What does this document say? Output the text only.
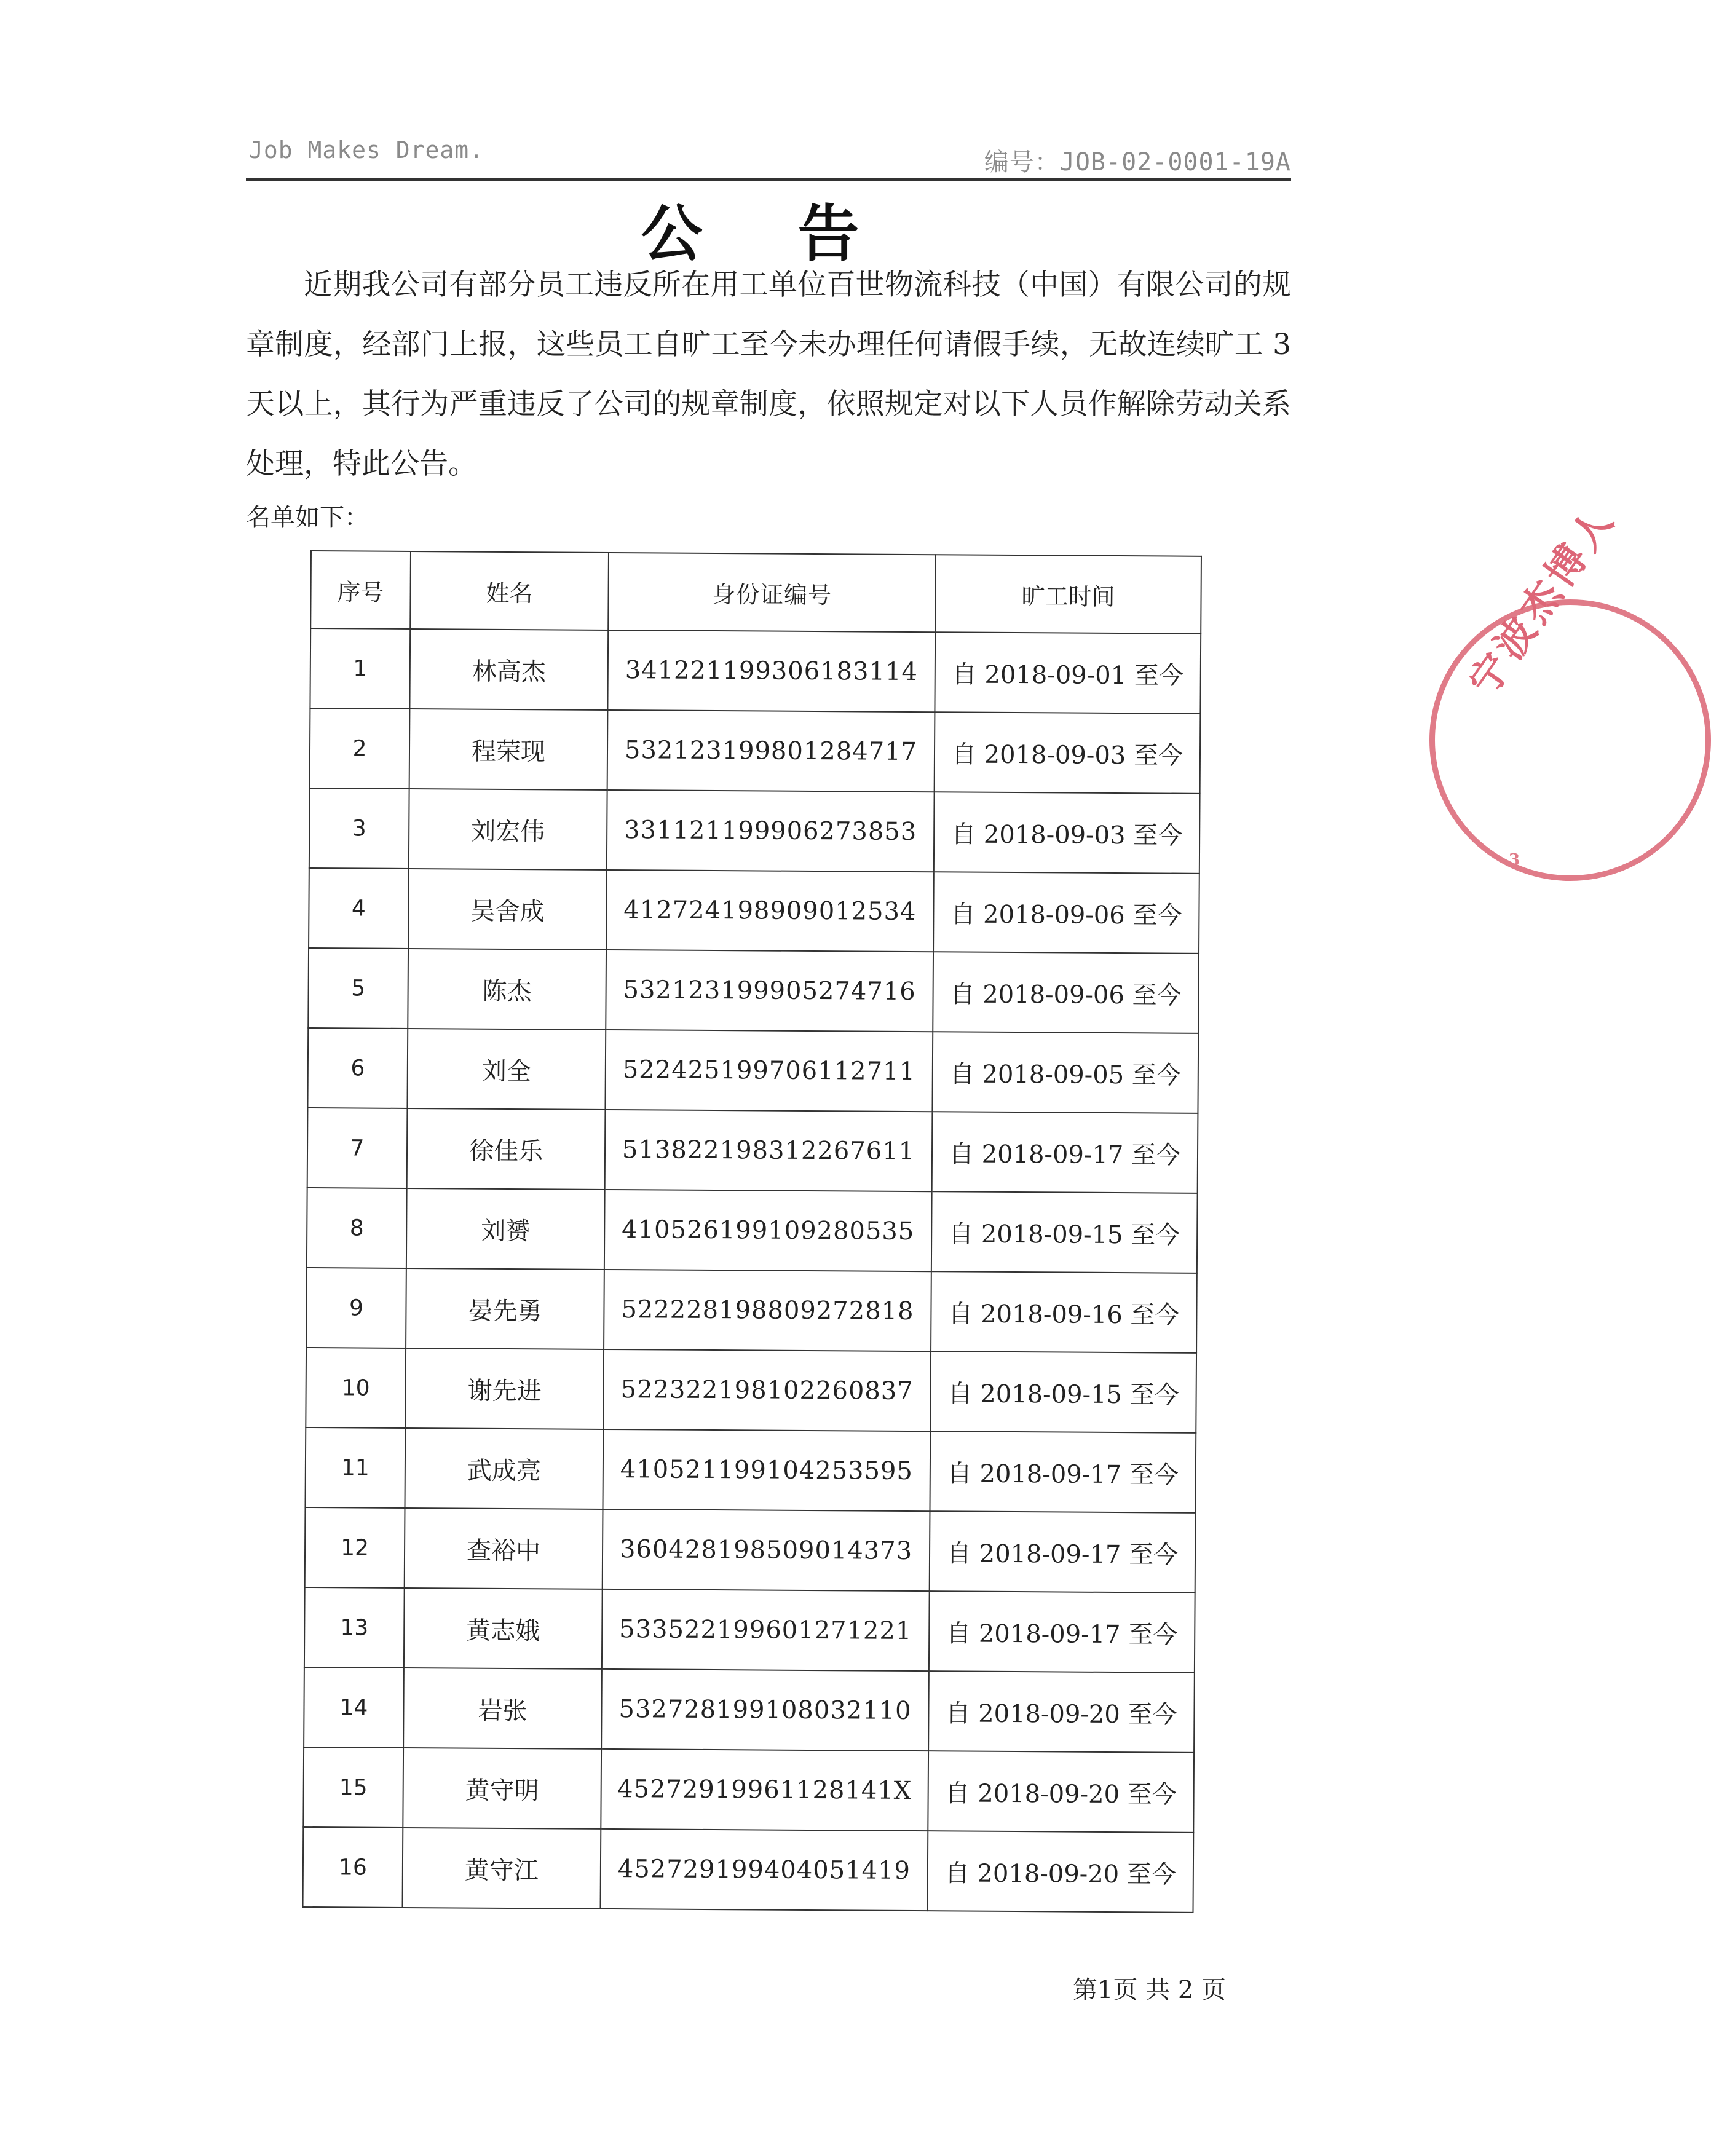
Job Makes Dream.	编号：JOB-02-0001-19A
公 告
近期我公司有部分员工违反所在用工单位百世物流科技（中国）有限公司的规章制度，经部门上报，这些员工自旷工至今未办理任何请假手续，无故连续旷工 3 天以上，其行为严重违反了公司的规章制度，依照规定对以下人员作解除劳动关系处理，特此公告。
名单如下：
序号	姓名	身份证编号	旷工时间
1	林高杰	341221199306183114	自 2018-09-01 至今
2	程荣现	532123199801284717	自 2018-09-03 至今
3	刘宏伟	331121199906273853	自 2018-09-03 至今
4	吴舍成	412724198909012534	自 2018-09-06 至今
5	陈杰	532123199905274716	自 2018-09-06 至今
6	刘全	522425199706112711	自 2018-09-05 至今
7	徐佳乐	513822198312267611	自 2018-09-17 至今
8	刘赟	410526199109280535	自 2018-09-15 至今
9	晏先勇	522228198809272818	自 2018-09-16 至今
10	谢先进	522322198102260837	自 2018-09-15 至今
11	武成亮	410521199104253595	自 2018-09-17 至今
12	查裕中	360428198509014373	自 2018-09-17 至今
13	黄志娥	533522199601271221	自 2018-09-17 至今
14	岩张	532728199108032110	自 2018-09-20 至今
15	黄守明	45272919961128141X	自 2018-09-20 至今
16	黄守江	452729199404051419	自 2018-09-20 至今
第1页 共 2 页
宁波杰博人
3
